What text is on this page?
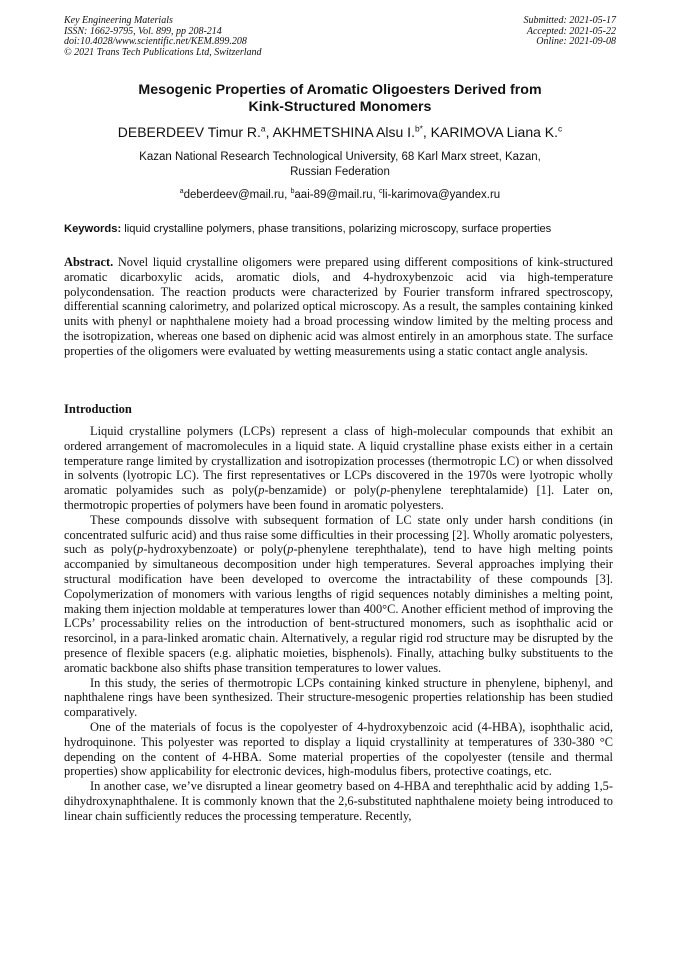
Key Engineering Materials
ISSN: 1662-9795, Vol. 899, pp 208-214
doi:10.4028/www.scientific.net/KEM.899.208
© 2021 Trans Tech Publications Ltd, Switzerland
Submitted: 2021-05-17
Accepted: 2021-05-22
Online: 2021-09-08
Mesogenic Properties of Aromatic Oligoesters Derived from
Kink-Structured Monomers
DEBERDEEV Timur R.$^a$, AKHMETSHINA Alsu I.$^{b*}$, KARIMOVA Liana K.$^c$
Kazan National Research Technological University, 68 Karl Marx street, Kazan,
Russian Federation
$^a$deberdeev@mail.ru, $^b$aai-89@mail.ru, $^c$li-karimova@yandex.ru
Keywords: liquid crystalline polymers, phase transitions, polarizing microscopy, surface properties

Abstract. Novel liquid crystalline oligomers were prepared using different compositions of kink-structured aromatic dicarboxylic acids, aromatic diols, and 4-hydroxybenzoic acid via high-temperature polycondensation. The reaction products were characterized by Fourier transform infrared spectroscopy, differential scanning calorimetry, and polarized optical microscopy. As a result, the samples containing kinked units with phenyl or naphthalene moiety had a broad processing window limited by the melting process and the isotropization, whereas one based on diphenic acid was almost entirely in an amorphous state. The surface properties of the oligomers were evaluated by wetting measurements using a static contact angle analysis.

Introduction

Liquid crystalline polymers (LCPs) represent a class of high-molecular compounds that exhibit an ordered arrangement of macromolecules in a liquid state. A liquid crystalline phase exists either in a certain temperature range limited by crystallization and isotropization processes (thermotropic LC) or when dissolved in solvents (lyotropic LC). The first representatives or LCPs discovered in the 1970s were lyotropic wholly aromatic polyamides such as poly(p-benzamide) or poly(p-phenylene terephtalamide) [1]. Later on, thermotropic properties of polymers have been found in aromatic polyesters.

These compounds dissolve with subsequent formation of LC state only under harsh conditions (in concentrated sulfuric acid) and thus raise some difficulties in their processing [2]. Wholly aromatic polyesters, such as poly(p-hydroxybenzoate) or poly(p-phenylene terephthalate), tend to have high melting points accompanied by simultaneous decomposition under high temperatures. Several approaches implying their structural modification have been developed to overcome the intractability of these compounds [3]. Copolymerization of monomers with various lengths of rigid sequences notably diminishes a melting point, making them injection moldable at temperatures lower than 400°C. Another efficient method of improving the LCPs’ processability relies on the introduction of bent-structured monomers, such as isophthalic acid or resorcinol, in a para-linked aromatic chain. Alternatively, a regular rigid rod structure may be disrupted by the presence of flexible spacers (e.g. aliphatic moieties, bisphenols). Finally, attaching bulky substituents to the aromatic backbone also shifts phase transition temperatures to lower values.

In this study, the series of thermotropic LCPs containing kinked structure in phenylene, biphenyl, and naphthalene rings have been synthesized. Their structure-mesogenic properties relationship has been studied comparatively.

One of the materials of focus is the copolyester of 4-hydroxybenzoic acid (4-HBA), isophthalic acid, hydroquinone. This polyester was reported to display a liquid crystallinity at temperatures of 330-380 °C depending on the content of 4-HBA. Some material properties of the copolyester (tensile and thermal properties) show applicability for electronic devices, high-modulus fibers, protective coatings, etc.

In another case, we’ve disrupted a linear geometry based on 4-HBA and terephthalic acid by adding 1,5-dihydroxynaphthalene. It is commonly known that the 2,6-substituted naphthalene moiety being introduced to linear chain sufficiently reduces the processing temperature. Recently,
